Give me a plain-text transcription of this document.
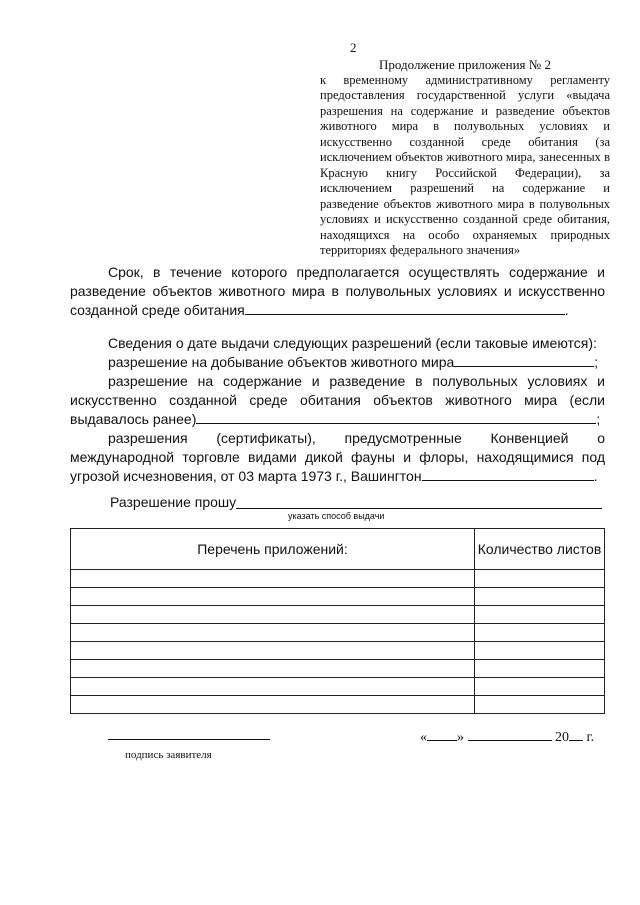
2
Продолжение приложения № 2
к временному административному регламенту предоставления государственной услуги «выдача разрешения на содержание и разведение объектов животного мира в полувольных условиях и искусственно созданной среде обитания (за исключением объектов животного мира, занесенных в Красную книгу Российской Федерации), за исключением разрешений на содержание и разведение объектов животного мира в полувольных условиях и искусственно созданной среде обитания, находящихся на особо охраняемых природных территориях федерального значения»
Срок, в течение которого предполагается осуществлять содержание и разведение объектов животного мира в полувольных условиях и искусственно созданной среде обитания	.
Сведения о дате выдачи следующих разрешений (если таковые имеются):
разрешение на добывание объектов животного мира	;
разрешение на содержание и разведение в полувольных условиях и искусственно созданной среде обитания объектов животного мира (если выдавалось ранее)	;
разрешения (сертификаты), предусмотренные Конвенцией о международной торговле видами дикой фауны и флоры, находящимися под угрозой исчезновения, от 03 марта 1973 г., Вашингтон	.
Разрешение прошу
указать способ выдачи
Перечень приложений:	Количество листов

подпись заявителя
« »	20 г.
